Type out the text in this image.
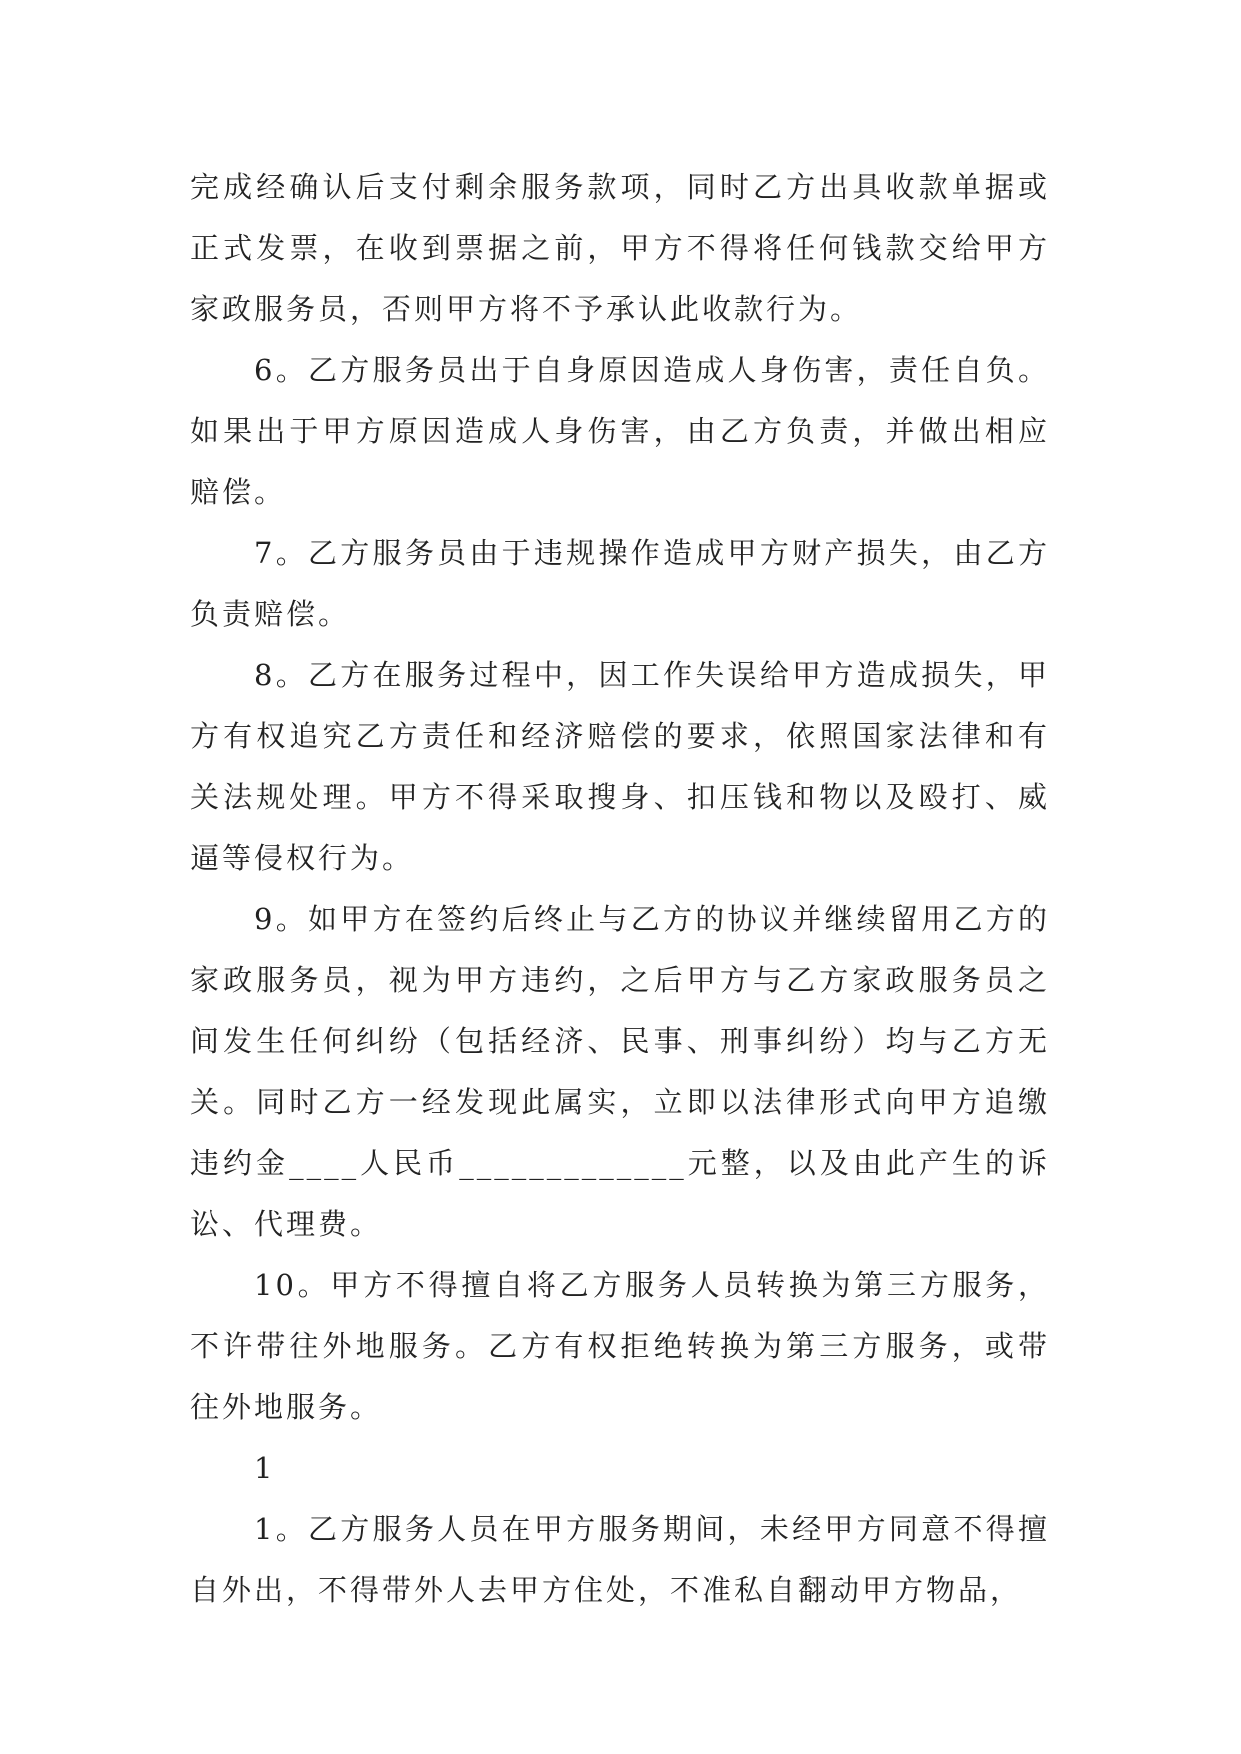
完成经确认后支付剩余服务款项，同时乙方出具收款单据或正式发票，在收到票据之前，甲方不得将任何钱款交给甲方家政服务员，否则甲方将不予承认此收款行为。

6。乙方服务员出于自身原因造成人身伤害，责任自负。如果出于甲方原因造成人身伤害，由乙方负责，并做出相应赔偿。

7。乙方服务员由于违规操作造成甲方财产损失，由乙方负责赔偿。

8。乙方在服务过程中，因工作失误给甲方造成损失，甲方有权追究乙方责任和经济赔偿的要求，依照国家法律和有关法规处理。甲方不得采取搜身、扣压钱和物以及殴打、威逼等侵权行为。

9。如甲方在签约后终止与乙方的协议并继续留用乙方的家政服务员，视为甲方违约，之后甲方与乙方家政服务员之间发生任何纠纷（包括经济、民事、刑事纠纷）均与乙方无关。同时乙方一经发现此属实，立即以法律形式向甲方追缴违约金____人民币_____________元整，以及由此产生的诉讼、代理费。

10。甲方不得擅自将乙方服务人员转换为第三方服务，不许带往外地服务。乙方有权拒绝转换为第三方服务，或带往外地服务。

1

1。乙方服务人员在甲方服务期间，未经甲方同意不得擅自外出，不得带外人去甲方住处，不准私自翻动甲方物品，
